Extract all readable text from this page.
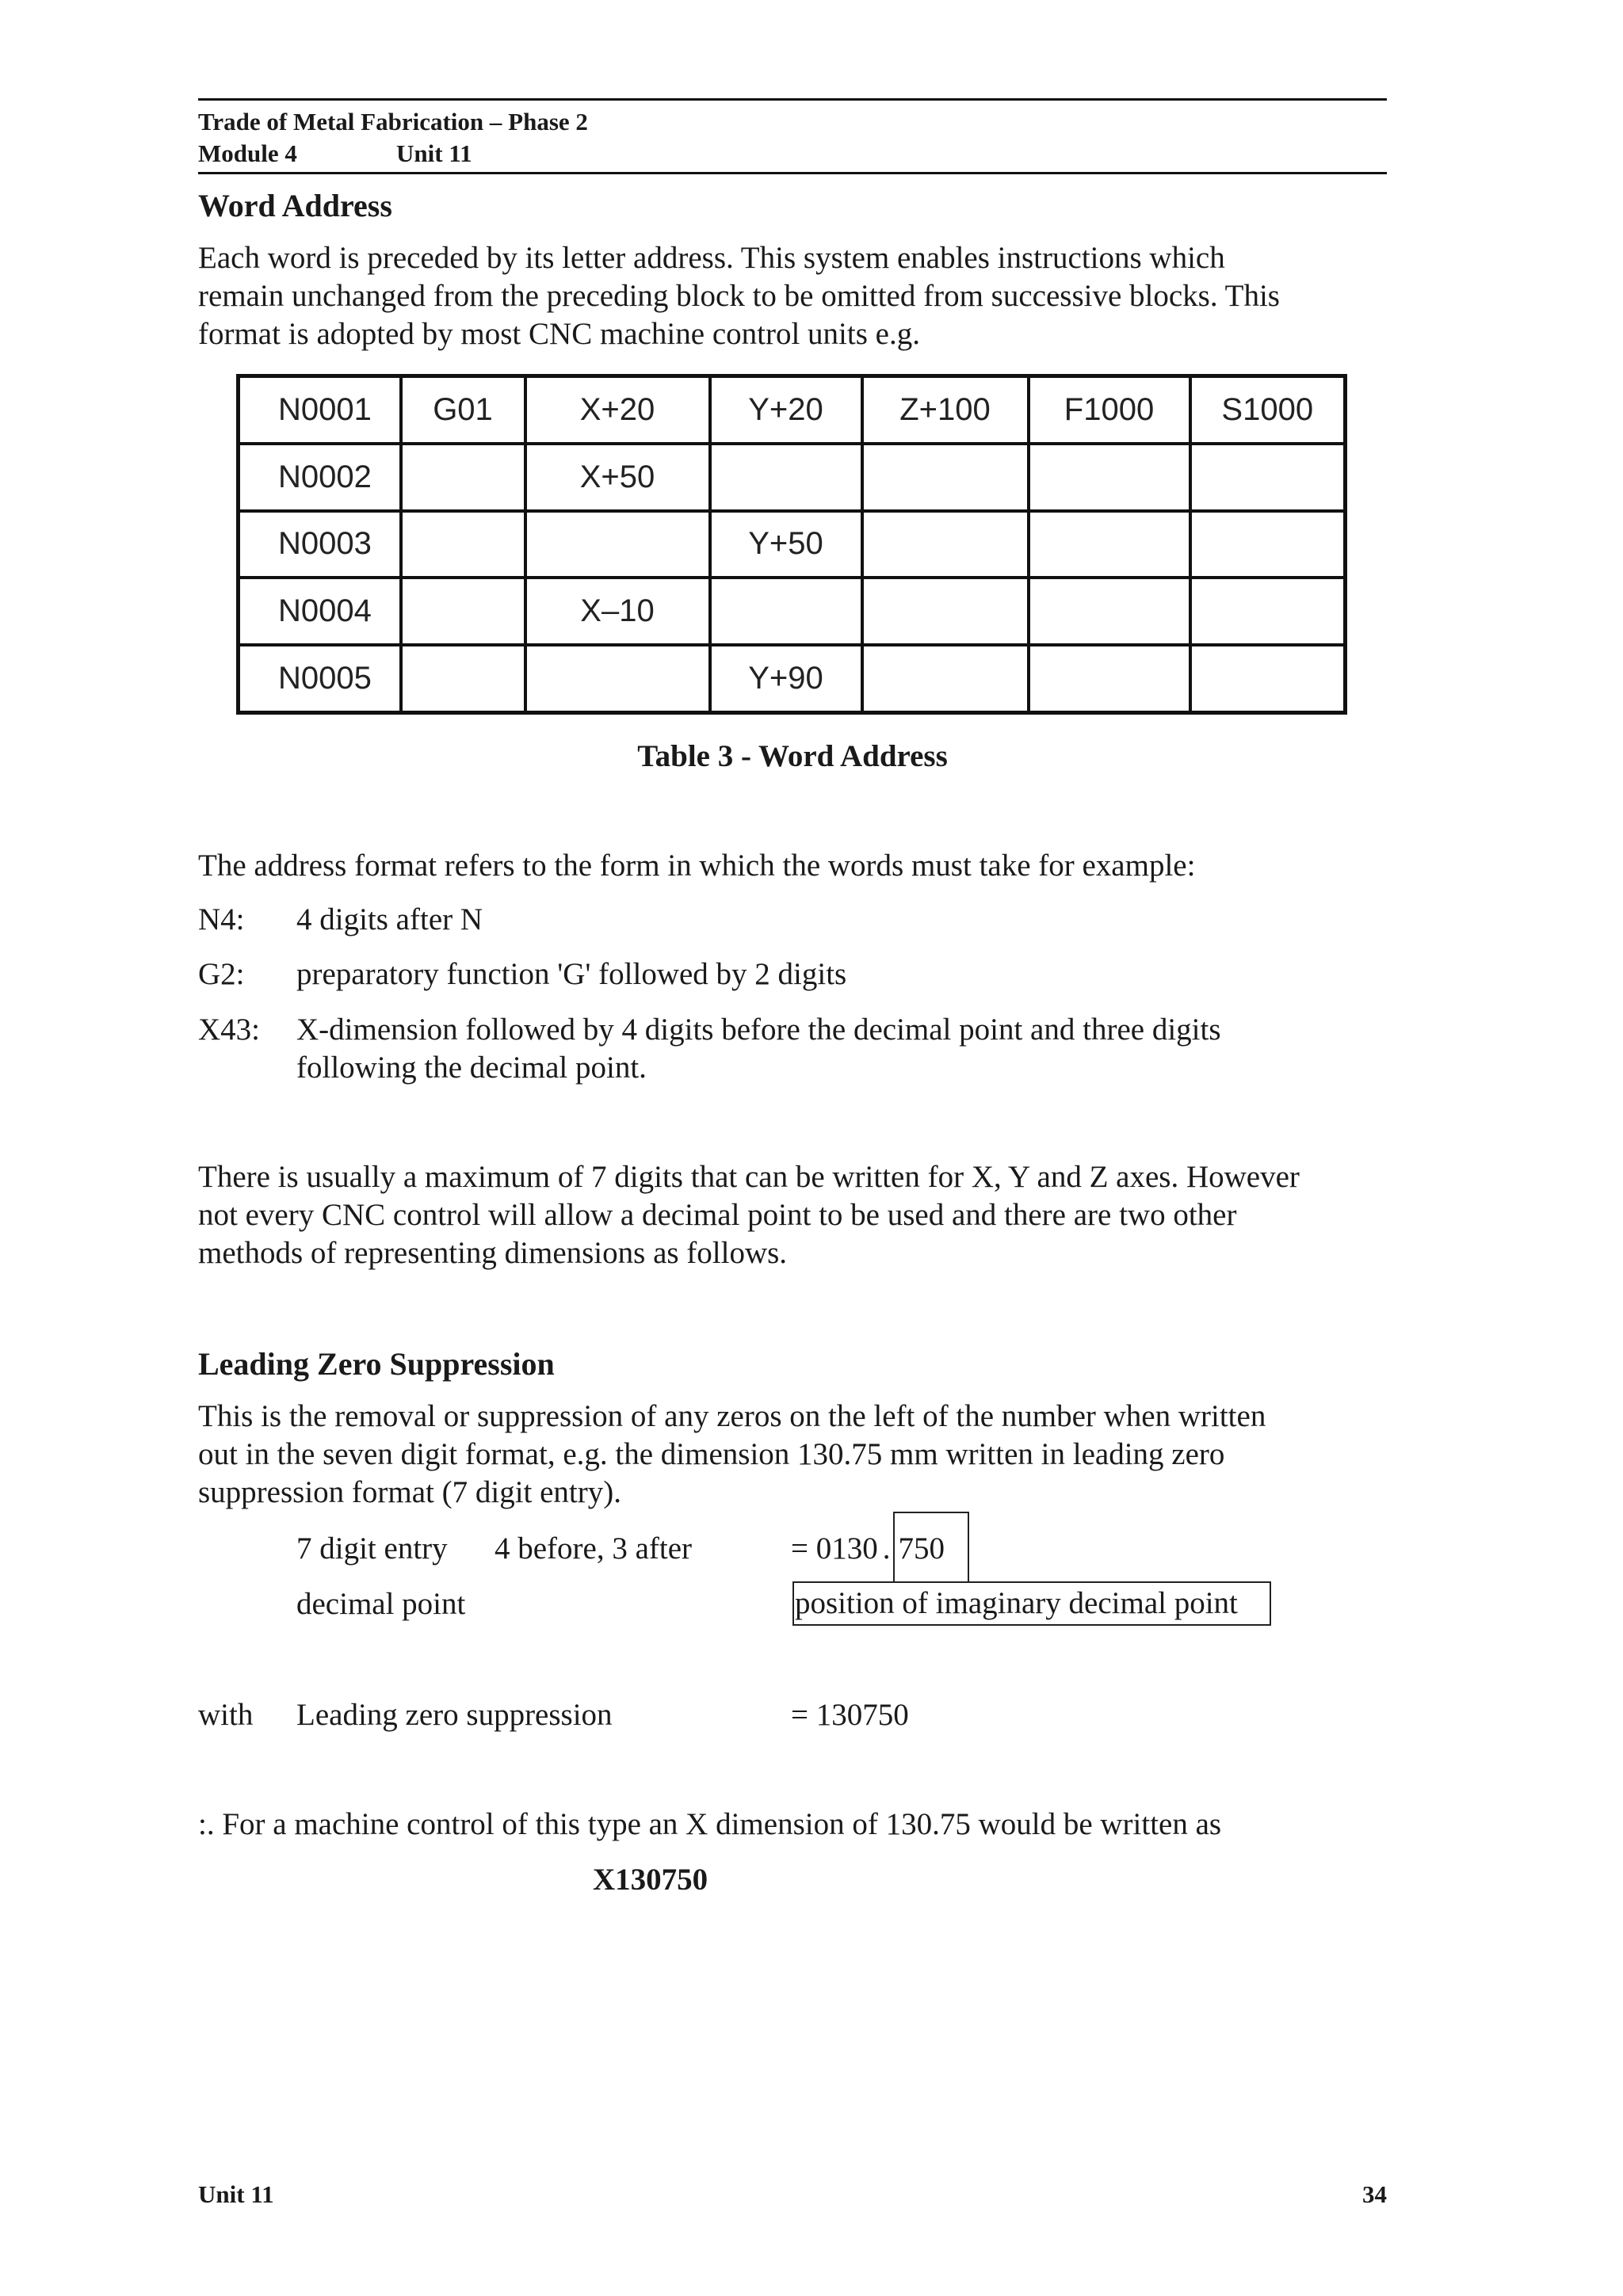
Trade of Metal Fabrication – Phase 2
Module 4	Unit 11
Word Address
Each word is preceded by its letter address. This system enables instructions which
remain unchanged from the preceding block to be omitted from successive blocks. This
format is adopted by most CNC machine control units e.g.
N0001	G01	X+20	Y+20	Z+100	F1000	S1000
N0002		X+50				
N0003			Y+50			
N0004		X–10				
N0005			Y+90			
Table 3 - Word Address
The address format refers to the form in which the words must take for example:
N4: 4 digits after N
G2: preparatory function 'G' followed by 2 digits
X43: X-dimension followed by 4 digits before the decimal point and three digits
following the decimal point.
There is usually a maximum of 7 digits that can be written for X, Y and Z axes. However
not every CNC control will allow a decimal point to be used and there are two other
methods of representing dimensions as follows.
Leading Zero Suppression
This is the removal or suppression of any zeros on the left of the number when written
out in the seven digit format, e.g. the dimension 130.75 mm written in leading zero
suppression format (7 digit entry).
7 digit entry 4 before, 3 after
decimal point
= 0130 . 750
position of imaginary decimal point
with Leading zero suppression	= 130750
:. For a machine control of this type an X dimension of 130.75 would be written as
X130750
Unit 11	34
